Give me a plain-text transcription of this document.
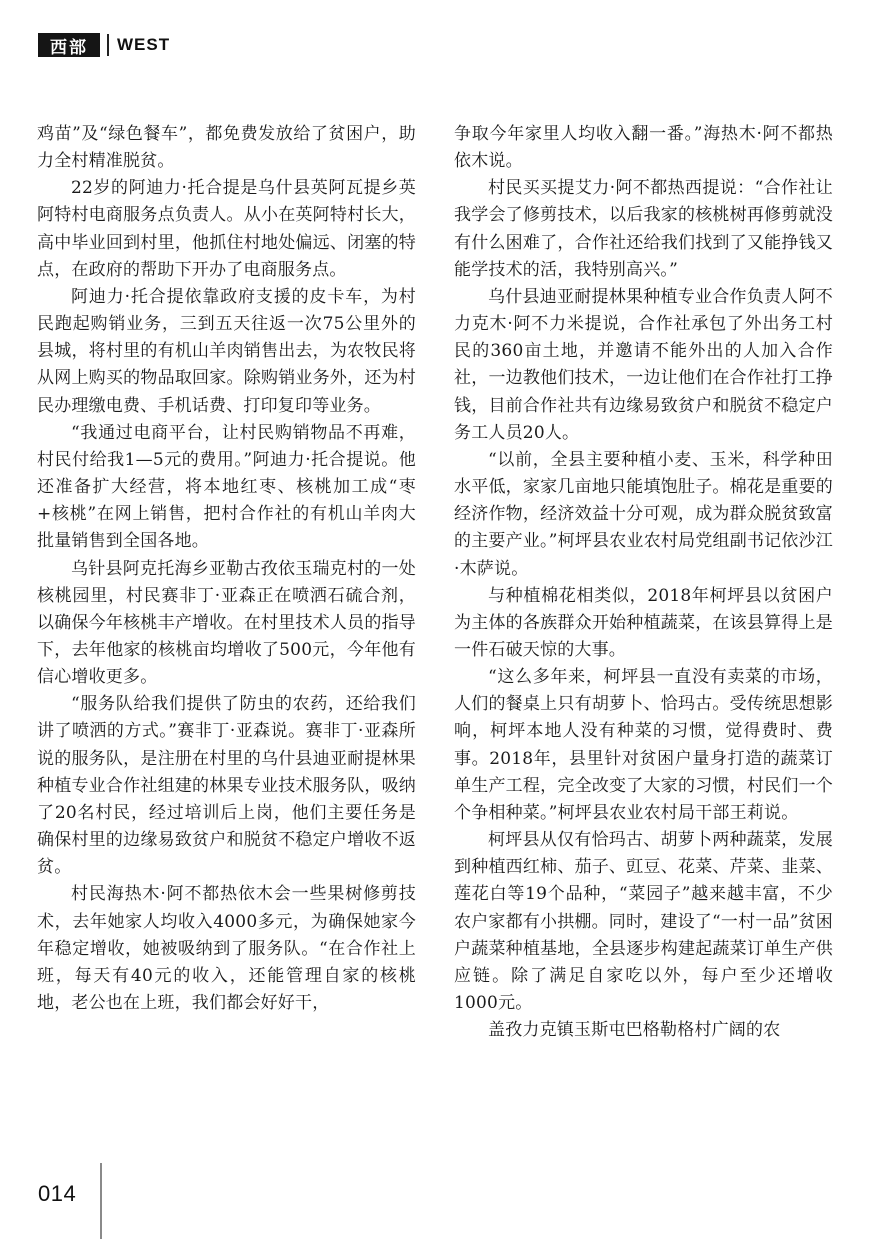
西部 WEST

鸡苗”及“绿色餐车”，都免费发放给了贫困户，助力全村精准脱贫。

22岁的阿迪力·托合提是乌什县英阿瓦提乡英阿特村电商服务点负责人。从小在英阿特村长大，高中毕业回到村里，他抓住村地处偏远、闭塞的特点，在政府的帮助下开办了电商服务点。

阿迪力·托合提依靠政府支援的皮卡车，为村民跑起购销业务，三到五天往返一次75公里外的县城，将村里的有机山羊肉销售出去，为农牧民将从网上购买的物品取回家。除购销业务外，还为村民办理缴电费、手机话费、打印复印等业务。

“我通过电商平台，让村民购销物品不再难，村民付给我1—5元的费用。”阿迪力·托合提说。他还准备扩大经营，将本地红枣、核桃加工成“枣+核桃”在网上销售，把村合作社的有机山羊肉大批量销售到全国各地。

乌针县阿克托海乡亚勒古孜依玉瑞克村的一处核桃园里，村民赛非丁·亚森正在喷洒石硫合剂，以确保今年核桃丰产增收。在村里技术人员的指导下，去年他家的核桃亩均增收了500元，今年他有信心增收更多。

“服务队给我们提供了防虫的农药，还给我们讲了喷洒的方式。”赛非丁·亚森说。赛非丁·亚森所说的服务队，是注册在村里的乌什县迪亚耐提林果种植专业合作社组建的林果专业技术服务队，吸纳了20名村民，经过培训后上岗，他们主要任务是确保村里的边缘易致贫户和脱贫不稳定户增收不返贫。

村民海热木·阿不都热依木会一些果树修剪技术，去年她家人均收入4000多元，为确保她家今年稳定增收，她被吸纳到了服务队。“在合作社上班，每天有40元的收入，还能管理自家的核桃地，老公也在上班，我们都会好好干，

争取今年家里人均收入翻一番。”海热木·阿不都热依木说。

村民买买提艾力·阿不都热西提说：“合作社让我学会了修剪技术，以后我家的核桃树再修剪就没有什么困难了，合作社还给我们找到了又能挣钱又能学技术的活，我特别高兴。”

乌什县迪亚耐提林果种植专业合作负责人阿不力克木·阿不力米提说，合作社承包了外出务工村民的360亩土地，并邀请不能外出的人加入合作社，一边教他们技术，一边让他们在合作社打工挣钱，目前合作社共有边缘易致贫户和脱贫不稳定户务工人员20人。

“以前，全县主要种植小麦、玉米，科学种田水平低，家家几亩地只能填饱肚子。棉花是重要的经济作物，经济效益十分可观，成为群众脱贫致富的主要产业。”柯坪县农业农村局党组副书记依沙江·木萨说。

与种植棉花相类似，2018年柯坪县以贫困户为主体的各族群众开始种植蔬菜，在该县算得上是一件石破天惊的大事。

“这么多年来，柯坪县一直没有卖菜的市场，人们的餐桌上只有胡萝卜、恰玛古。受传统思想影响，柯坪本地人没有种菜的习惯，觉得费时、费事。2018年，县里针对贫困户量身打造的蔬菜订单生产工程，完全改变了大家的习惯，村民们一个个争相种菜。”柯坪县农业农村局干部王莉说。

柯坪县从仅有恰玛古、胡萝卜两种蔬菜，发展到种植西红柿、茄子、豇豆、花菜、芹菜、韭菜、莲花白等19个品种，“菜园子”越来越丰富，不少农户家都有小拱棚。同时，建设了“一村一品”贫困户蔬菜种植基地，全县逐步构建起蔬菜订单生产供应链。除了满足自家吃以外，每户至少还增收1000元。

盖孜力克镇玉斯屯巴格勒格村广阔的农

014
